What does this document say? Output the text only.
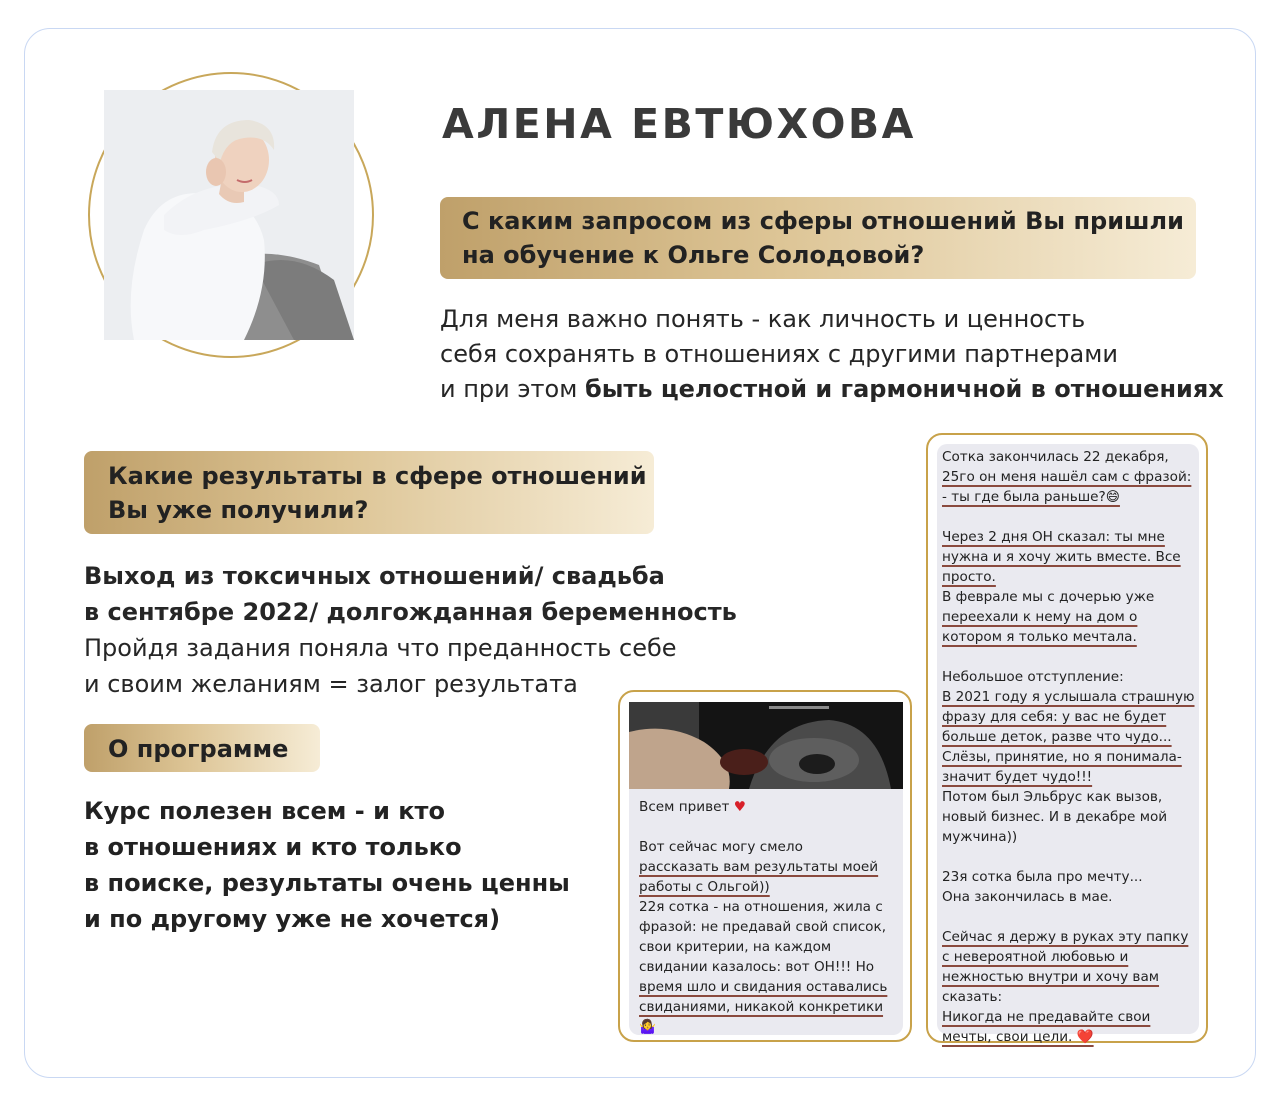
АЛЕНА ЕВТЮХОВА
С каким запросом из сферы отношений Вы пришли
на обучение к Ольге Солодовой?
Для меня важно понять - как личность и ценность
себя сохранять в отношениях с другими партнерами
и при этом быть целостной и гармоничной в отношениях
Какие результаты в сфере отношений
Вы уже получили?
Выход из токсичных отношений/ свадьба
в сентябре 2022/ долгожданная беременность
Пройдя задания поняла что преданность себе
и своим желаниям = залог результата
О программе
Курс полезен всем - и кто
в отношениях и кто только
в поиске, результаты очень ценны
и по другому уже не хочется)
Всем привет ♥
Вот сейчас могу смело
рассказать вам результаты моей
работы с Ольгой))
22я сотка - на отношения, жила с
фразой: не предавай свой список,
свои критерии, на каждом
свидании казалось: вот ОН!!! Но
время шло и свидания оставались
свиданиями, никакой конкретики
🤷‍♀️
Сотка закончилась 22 декабря,
25го он меня нашёл сам с фразой:
- ты где была раньше?😄
Через 2 дня ОН сказал: ты мне
нужна и я хочу жить вместе. Все
просто.
В феврале мы с дочерью уже
переехали к нему на дом о
котором я только мечтала.
Небольшое отступление:
В 2021 году я услышала страшную
фразу для себя: у вас не будет
больше деток, разве что чудо...
Слёзы, принятие, но я понимала-
значит будет чудо!!!
Потом был Эльбрус как вызов,
новый бизнес. И в декабре мой
мужчина))
23я сотка была про мечту...
Она закончилась в мае.
Сейчас я держу в руках эту папку
с невероятной любовью и
нежностью внутри и хочу вам
сказать:
Никогда не предавайте свои
мечты, свои цели. ❤️
